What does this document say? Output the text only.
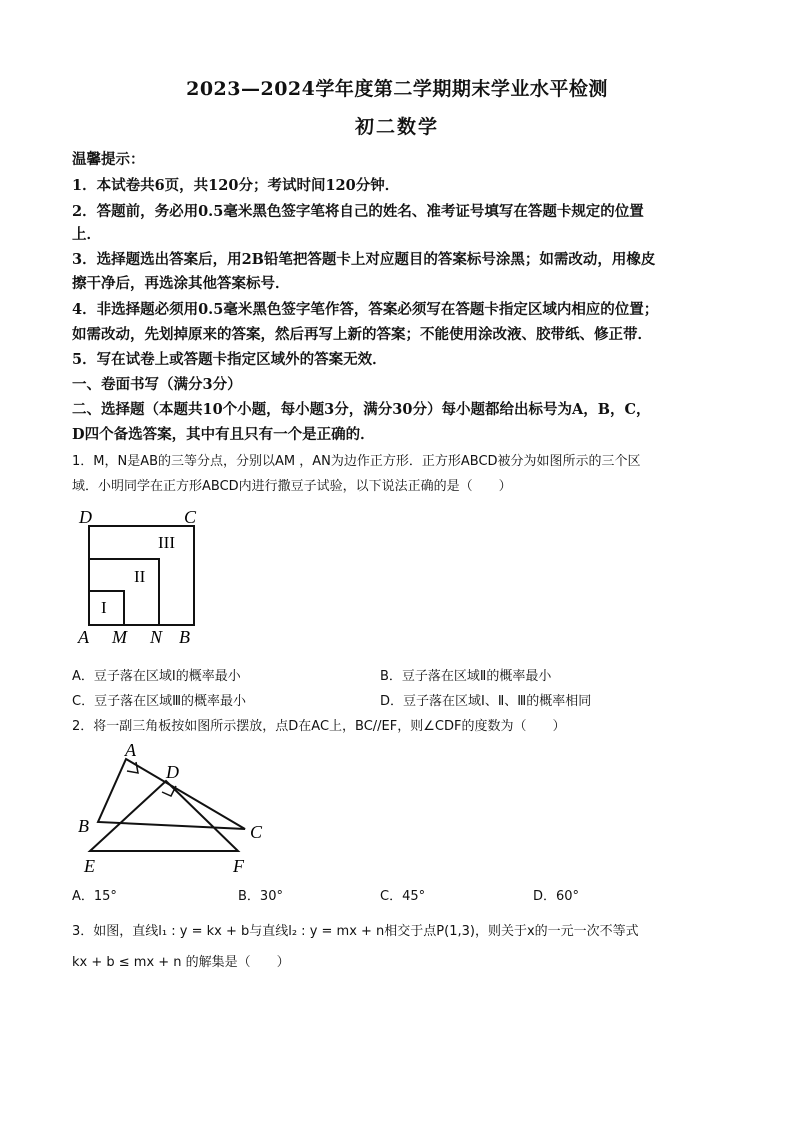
2023—2024学年度第二学期期末学业水平检测
初二数学
温馨提示：
1．本试卷共6页，共120分；考试时间120分钟．
2．答题前，务必用0.5毫米黑色签字笔将自己的姓名、准考证号填写在答题卡规定的位置
上．
3．选择题选出答案后，用2B铅笔把答题卡上对应题目的答案标号涂黑；如需改动，用橡皮
擦干净后，再选涂其他答案标号．
4．非选择题必须用0.5毫米黑色签字笔作答，答案必须写在答题卡指定区域内相应的位置；
如需改动，先划掉原来的答案，然后再写上新的答案；不能使用涂改液、胶带纸、修正带．
5．写在试卷上或答题卡指定区域外的答案无效．
一、卷面书写（满分3分）
二、选择题（本题共10个小题，每小题3分，满分30分）每小题都给出标号为A，B，C，
D四个备选答案，其中有且只有一个是正确的．
1．M，N是AB的三等分点，分别以AM ，AN为边作正方形．正方形ABCD被分为如图所示的三个区
域．小明同学在正方形ABCD内进行撒豆子试验，以下说法正确的是（　　）
D	C
III
II
I
A M N B
A．豆子落在区域Ⅰ的概率最小	B．豆子落在区域Ⅱ的概率最小
C．豆子落在区域Ⅲ的概率最小	D．豆子落在区域Ⅰ、Ⅱ、Ⅲ的概率相同
2．将一副三角板按如图所示摆放，点D在AC上，BC//EF，则∠CDF的度数为（　　）
A
D
B	C
E	F
A．15°	B．30°	C．45°	D．60°
3．如图，直线l₁ : y = kx + b与直线l₂ : y = mx + n相交于点P(1,3)，则关于x的一元一次不等式
kx + b ≤ mx + n 的解集是（　　）
